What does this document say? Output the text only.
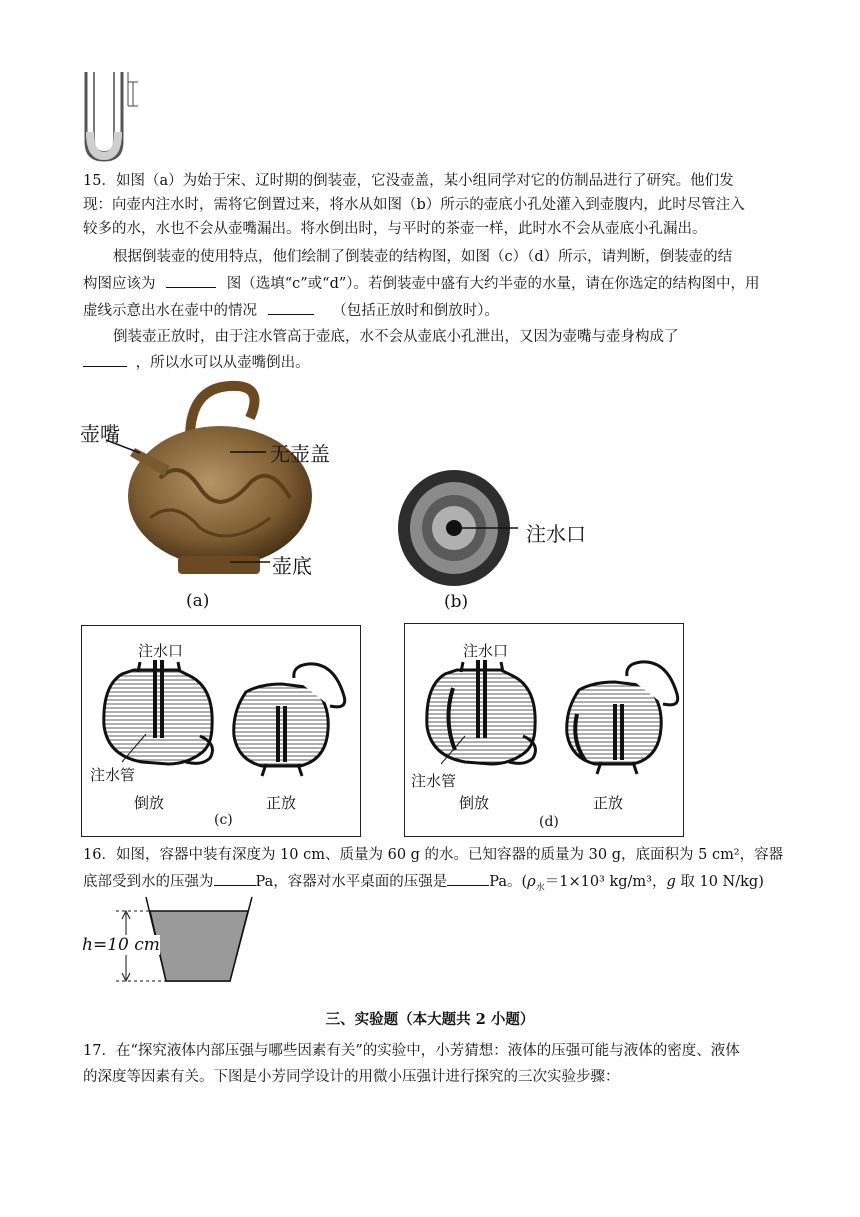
15．如图（a）为始于宋、辽时期的倒装壶，它没壶盖，某小组同学对它的仿制品进行了研究。他们发
现：向壶内注水时，需将它倒置过来，将水从如图（b）所示的壶底小孔处灌入到壶腹内，此时尽管注入
较多的水，水也不会从壶嘴漏出。将水倒出时，与平时的茶壶一样，此时水不会从壶底小孔漏出。
根据倒装壶的使用特点，他们绘制了倒装壶的结构图，如图（c）（d）所示，请判断，倒装壶的结
构图应该为	图（选填“c”或“d”）。若倒装壶中盛有大约半壶的水量，请在你选定的结构图中，用
虚线示意出水在壶中的情况	（包括正放时和倒放时）。
倒装壶正放时，由于注水管高于壶底，水不会从壶底小孔泄出，又因为壶嘴与壶身构成了
，所以水可以从壶嘴倒出。
壶嘴
无壶盖
壶底
(a)
注水口
(b)
注水口
注水管
倒放	正放
(c)
注水口
注水管
倒放	正放
(d)
16．如图，容器中装有深度为 10 cm、质量为 60 g 的水。已知容器的质量为 30 g，底面积为 5 cm²，容器
底部受到水的压强为	Pa，容器对水平桌面的压强是	Pa。($\rho_水=1\times 10^3$ kg/m³，g 取 10 N/kg)
h=10 cm
三、实验题（本大题共 2 小题）
17．在“探究液体内部压强与哪些因素有关”的实验中，小芳猜想：液体的压强可能与液体的密度、液体
的深度等因素有关。下图是小芳同学设计的用微小压强计进行探究的三次实验步骤：
